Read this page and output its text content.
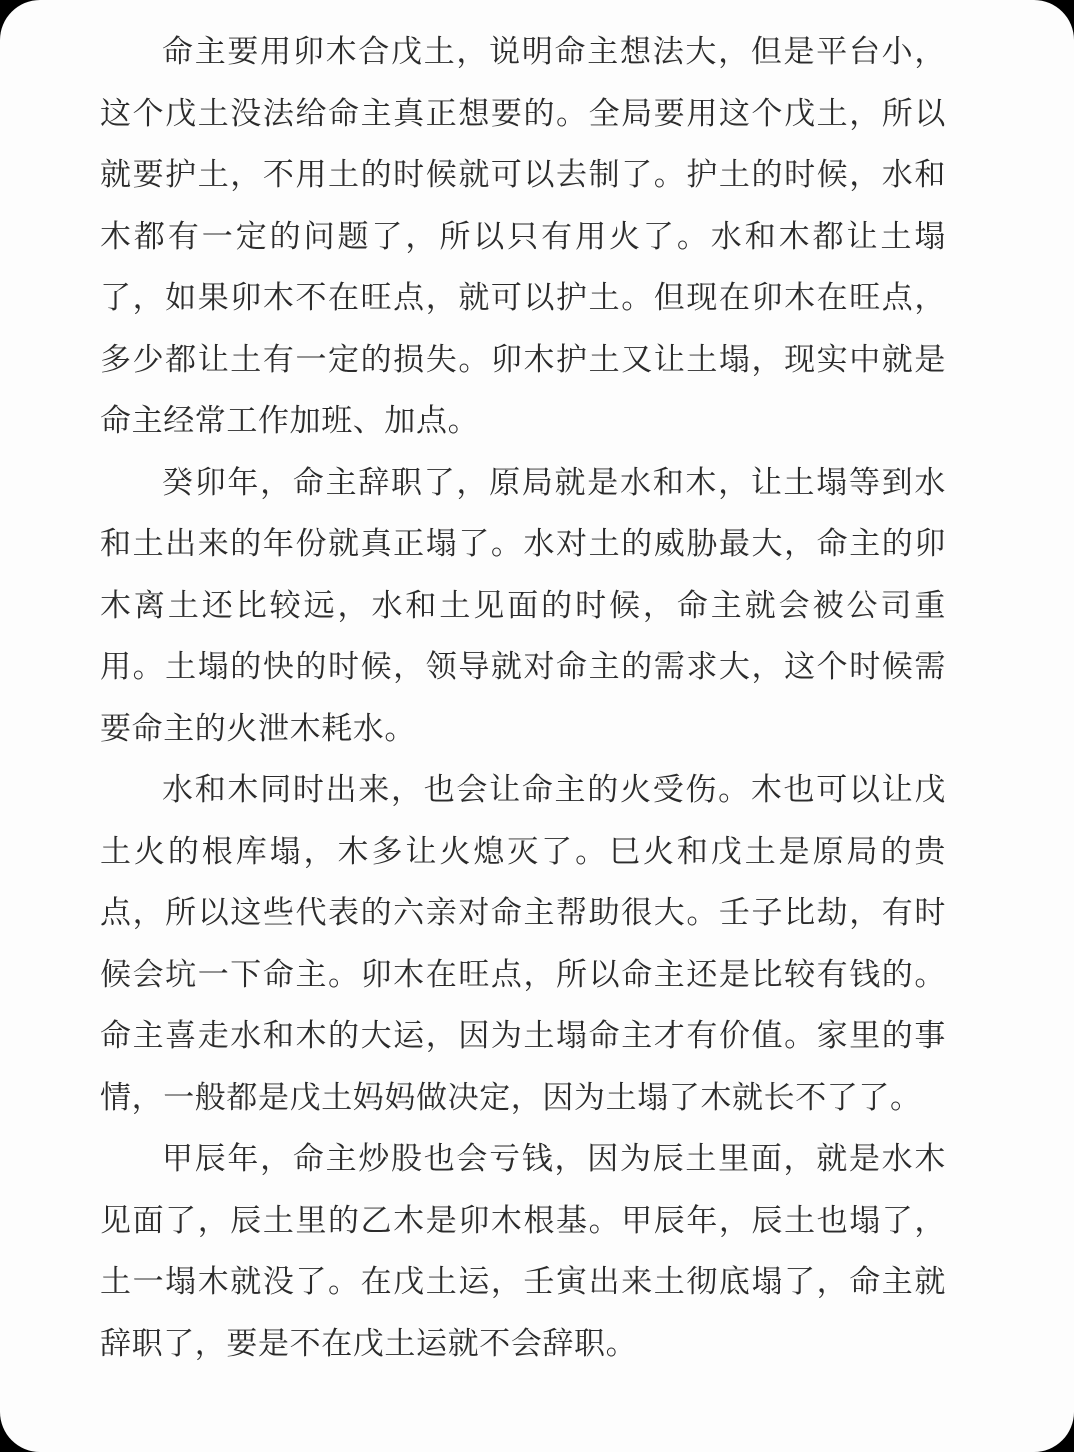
命主要用卯木合戊土，说明命主想法大，但是平台小，这个戊土没法给命主真正想要的。全局要用这个戊土，所以就要护土，不用土的时候就可以去制了。护土的时候，水和木都有一定的问题了，所以只有用火了。水和木都让土塌了，如果卯木不在旺点，就可以护土。但现在卯木在旺点，多少都让土有一定的损失。卯木护土又让土塌，现实中就是命主经常工作加班、加点。

癸卯年，命主辞职了，原局就是水和木，让土塌等到水和土出来的年份就真正塌了。水对土的威胁最大，命主的卯木离土还比较远，水和土见面的时候，命主就会被公司重用。土塌的快的时候，领导就对命主的需求大，这个时候需要命主的火泄木耗水。

水和木同时出来，也会让命主的火受伤。木也可以让戊土火的根库塌，木多让火熄灭了。巳火和戊土是原局的贵点，所以这些代表的六亲对命主帮助很大。壬子比劫，有时候会坑一下命主。卯木在旺点，所以命主还是比较有钱的。命主喜走水和木的大运，因为土塌命主才有价值。家里的事情，一般都是戊土妈妈做决定，因为土塌了木就长不了了。

甲辰年，命主炒股也会亏钱，因为辰土里面，就是水木见面了，辰土里的乙木是卯木根基。甲辰年，辰土也塌了，土一塌木就没了。在戊土运，壬寅出来土彻底塌了，命主就辞职了，要是不在戊土运就不会辞职。
